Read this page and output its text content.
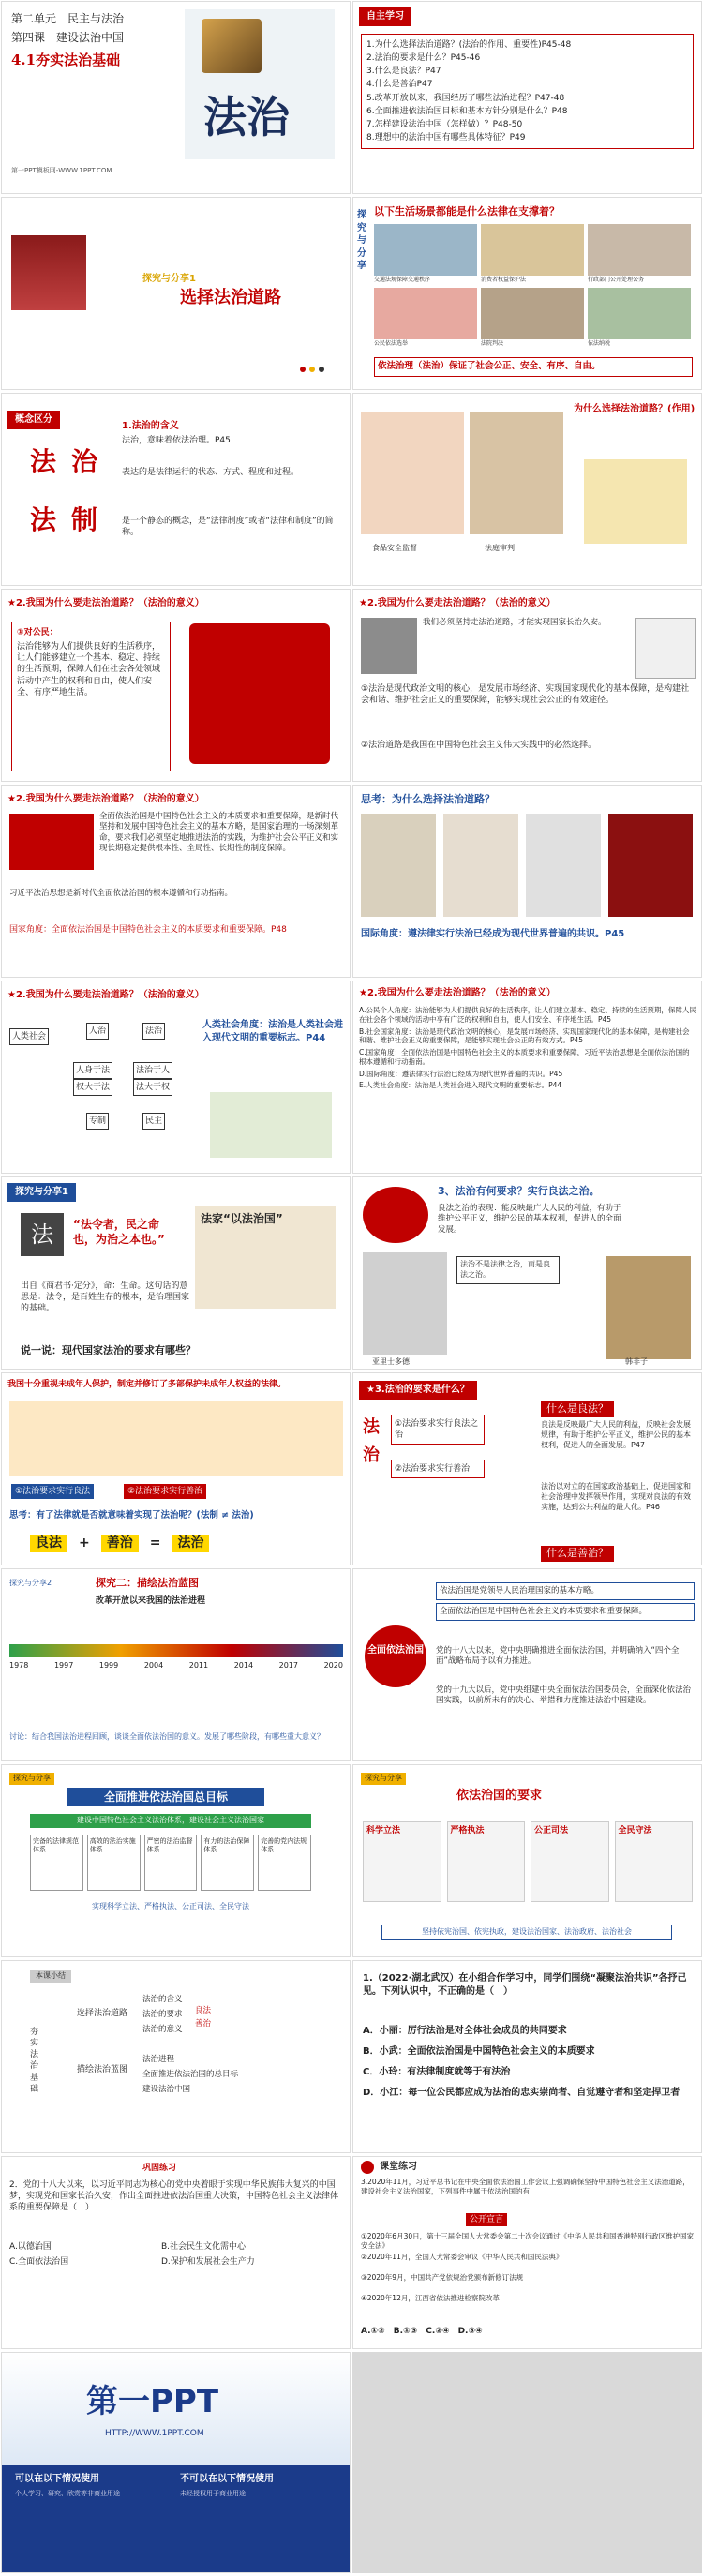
第二单元　民主与法治
第四课　建设法治中国
4.1夯实法治基础
法治
第一PPT模板网-WWW.1PPT.COM
自主学习
1.为什么选择法治道路？(法治的作用、重要性)P45-48
2.法治的要求是什么？P45-46
3.什么是良法？P47
4.什么是善治P47
5.改革开放以来，我国经历了哪些法治进程？P47-48
6.全面推进依法治国目标和基本方针分别是什么？P48
7.怎样建设法治中国（怎样做）？P48-50
8.理想中的法治中国有哪些具体特征？P49
探究与分享1
选择法治道路
探究与分享
以下生活场景都能是什么法律在支撑着？
交通法规保障交通秩序	消费者权益保护法	行政部门公开处理公务
公民依法选举	法院判决	依法纳税
依法治理（法治）保证了社会公正、安全、有序、自由。
概念区分
法 治
法 制
1.法治的含义
法治，意味着依法治理。P45
表达的是法律运行的状态、方式、程度和过程。
是一个静态的概念，是“法律制度”或者“法律和制度”的简称。
为什么选择法治道路？(作用)
食品安全监督	法庭审判
★2.我国为什么要走法治道路？（法治的意义）
①对公民：
法治能够为人们提供良好的生活秩序，让人们能够建立一个基本、稳定、持续的生活预期，保障人们在社会各处领域活动中产生的权利和自由，使人们安全、有序严地生活。
★2.我国为什么要走法治道路？（法治的意义）
我们必须坚持走法治道路，才能实现国家长治久安。
①法治是现代政治文明的核心，是发展市场经济、实现国家现代化的基本保障，是构建社会和谐、维护社会正义的重要保障，能够实现社会公正的有效途径。
②法治道路是我国在中国特色社会主义伟大实践中的必然选择。
★2.我国为什么要走法治道路？（法治的意义）
全面依法治国是中国特色社会主义的本质要求和重要保障，是新时代坚持和发展中国特色社会主义的基本方略，是国家治理的一场深刻革命，要求我们必须坚定地推进法治的实践，为维护社会公平正义和实现长期稳定提供根本性、全局性、长期性的制度保障。
习近平法治思想是新时代全面依法治国的根本遵循和行动指南。
国家角度：全面依法治国是中国特色社会主义的本质要求和重要保障。P48
思考：为什么选择法治道路？
国际角度：遵法律实行法治已经成为现代世界普遍的共识。P45
★2.我国为什么要走法治道路？（法治的意义）
人类社会
人治	法治
人身于法
权大于法
法治于人
法大于权
专制	民主
人类社会角度：法治是人类社会进入现代文明的重要标志。P44
★2.我国为什么要走法治道路？（法治的意义）
A.公民个人角度：法治能够为人们提供良好的生活秩序，让人们建立基本、稳定、持续的生活预期，保障人民在社会各个领域的活动中享有广泛的权利和自由，使人们安全、有序地生活。P45
B.社会国家角度：法治是现代政治文明的核心，是发展市场经济、实现国家现代化的基本保障，是构建社会和谐、维护社会正义的重要保障，是能够实现社会公正的有效方式。P45
C.国家角度：全面依法治国是中国特色社会主义的本质要求和重要保障，习近平法治思想是全面依法治国的根本遵循和行动指南。
D.国际角度：遵法律实行法治已经成为现代世界普遍的共识。P45
E.人类社会角度：法治是人类社会进入现代文明的重要标志。P44
探究与分享1
法	“法令者，民之命也，为治之本也。”
法家“以法治国”
出自《商君书·定分》，命：生命。这句话的意思是：法令，是百姓生存的根本，是治理国家的基础。
说一说：现代国家法治的要求有哪些？
3、法治有何要求？实行良法之治。
良法之治的表现：能反映最广大人民的利益，有助于维护公平正义，维护公民的基本权利，促进人的全面发展。
法治不是法律之治，而是良法之治。
亚里士多德	韩非子
我国十分重视未成年人保护，制定并修订了多部保护未成年人权益的法律。
①法治要求实行良法	②法治要求实行善治
思考：有了法律就是否就意味着实现了法治呢？(法制 ≠ 法治)
良法	+	善治	=	法治
★3.法治的要求是什么？
法
治
①法治要求实行良法之治
②法治要求实行善治
什么是良法？
良法是反映最广大人民的利益，反映社会发展规律，有助于维护公平正义，维护公民的基本权利，促进人的全面发展。P47
法治以对立的在国家政治基础上，促进国家和社会治理中发挥领导作用，实现对良法的有效实施，达到公共利益的最大化。P46
什么是善治？
探究二：描绘法治蓝图
探究与分享2
改革开放以来我国的法治进程
1978	1997	1999	2004	2011	2014	2017	2020
讨论：结合我国法治进程回顾，谈谈全面依法治国的意义。发展了哪些阶段，有哪些重大意义？
全面依法治国
依法治国是党领导人民治理国家的基本方略。
全面依法治国是中国特色社会主义的本质要求和重要保障。
党的十八大以来，党中央明确推进全面依法治国，并明确纳入“四个全面”战略布局予以有力推进。
党的十九大以后，党中央组建中央全面依法治国委员会，全面深化依法治国实践，以前所未有的决心、举措和力度推进法治中国建设。
探究与分享
全面推进依法治国总目标
建设中国特色社会主义法治体系，建设社会主义法治国家
完备的法律规范体系
高效的法治实施体系
严密的法治监督体系
有力的法治保障体系
完善的党内法规体系
实现科学立法、严格执法、公正司法、全民守法
探究与分享
依法治国的要求
科学立法	严格执法	公正司法	全民守法
坚持依宪治国、依宪执政，建设法治国家、法治政府、法治社会
本课小结
夯实法治基础
选择法治道路
描绘法治蓝图
法治的含义
法治的要求
法治的意义
法治进程
全面推进依法治国的总目标
建设法治中国
良法
善治
1.（2022·湖北武汉）在小组合作学习中，同学们围绕“凝聚法治共识”各抒己见。下列认识中，不正确的是（　）
A．小丽：厉行法治是对全体社会成员的共同要求
B．小武：全面依法治国是中国特色社会主义的本质要求
C．小玲：有法律制度就等于有法治
D．小江：每一位公民都应成为法治的忠实崇尚者、自觉遵守者和坚定捍卫者
巩固练习
2．党的十八大以来，以习近平同志为核心的党中央着眼于实现中华民族伟大复兴的中国梦，实现党和国家长治久安，作出全面推进依法治国重大决策，中国特色社会主义法律体系的重要保障是（　）
A.以德治国	B.社会民生文化需中心
C.全面依法治国	D.保护和发展社会生产力
课堂练习
3.2020年11月，习近平总书记在中央全面依法治国工作会议上强调确保坚持中国特色社会主义法治道路，建设社会主义法治国家，下列事件中属于依法治国的有
公开宣言
①2020年6月30日，第十三届全国人大常委会第二十次会议通过《中华人民共和国香港特别行政区维护国家安全法》
②2020年11月，全国人大常委会审议《中华人民共和国民法典》
③2020年9月，中国共产党依规治党颁布新修订法规
④2020年12月，江西省依法推进检察院改革
A.①②　B.①③　C.②④　D.③④
第一PPT
HTTP://WWW.1PPT.COM
可以在以下情况使用	不可以在以下情况使用
个人学习、研究、欣赏等非商业用途	未经授权用于商业用途
